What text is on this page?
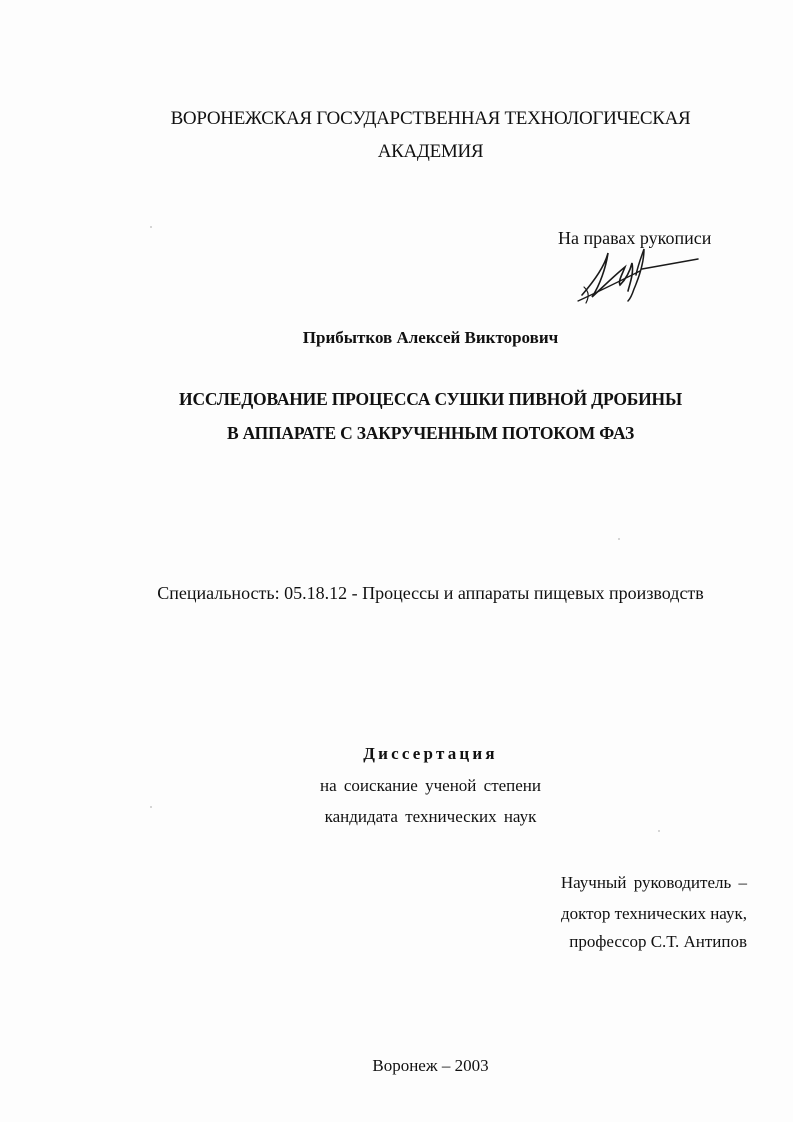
ВОРОНЕЖСКАЯ ГОСУДАРСТВЕННАЯ ТЕХНОЛОГИЧЕСКАЯ
АКАДЕМИЯ
На правах рукописи
Прибытков Алексей Викторович
ИССЛЕДОВАНИЕ ПРОЦЕССА СУШКИ ПИВНОЙ ДРОБИНЫ
В АППАРАТЕ С ЗАКРУЧЕННЫМ ПОТОКОМ ФАЗ
Специальность: 05.18.12 - Процессы и аппараты пищевых производств
Диссертация
на соискание ученой степени
кандидата технических наук
Научный руководитель –
доктор технических наук,
профессор С.Т. Антипов
Воронеж – 2003
